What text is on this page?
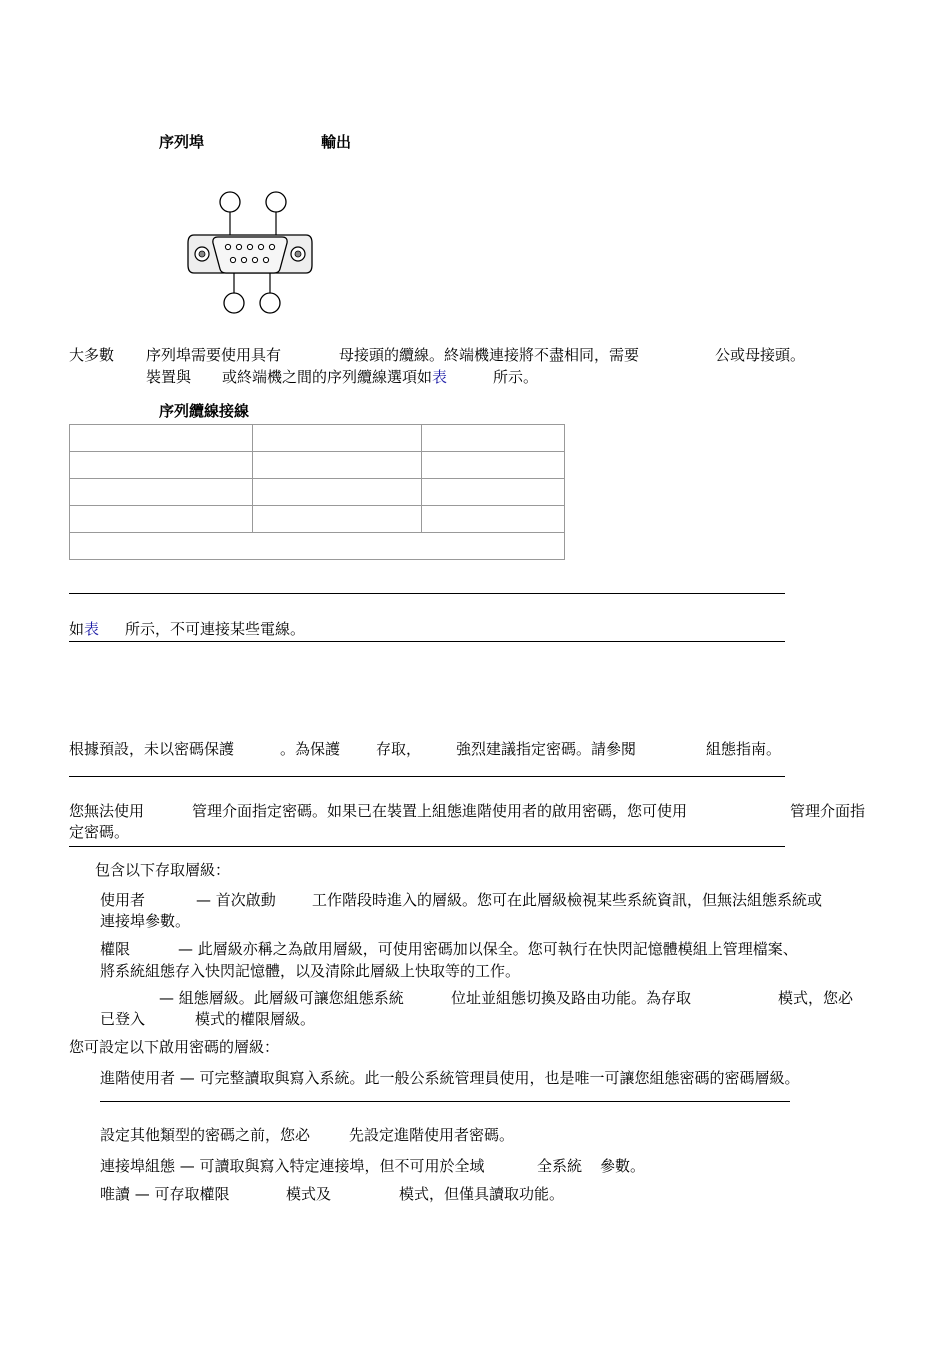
序列埠	輸出
大多數 序列埠需要使用具有	母接頭的纜線。終端機連接將不盡相同，需要	公或母接頭。
裝置與 或終端機之間的序列纜線選項如表	所示。
序列纜線接線

如表 所示，不可連接某些電線。
根據預設，未以密碼保護	。為保護 存取， 強烈建議指定密碼。請參閱	組態指南。
您無法使用	管理介面指定密碼。如果已在裝置上組態進階使用者的啟用密碼，您可使用	管理介面指
定密碼。
包含以下存取層級：
使用者	— 首次啟動 工作階段時進入的層級。您可在此層級檢視某些系統資訊，但無法組態系統或
連接埠參數。
權限	— 此層級亦稱之為啟用層級，可使用密碼加以保全。您可執行在快閃記憶體模組上管理檔案、
將系統組態存入快閃記憶體，以及清除此層級上快取等的工作。
— 組態層級。此層級可讓您組態系統	位址並組態切換及路由功能。為存取	模式，您必
已登入	模式的權限層級。
您可設定以下啟用密碼的層級：
進階使用者 — 可完整讀取與寫入系統。此一般公系統管理員使用，也是唯一可讓您組態密碼的密碼層級。
設定其他類型的密碼之前，您必	先設定進階使用者密碼。
連接埠組態 — 可讀取與寫入特定連接埠，但不可用於全域	全系統 參數。
唯讀 — 可存取權限	模式及	模式，但僅具讀取功能。
